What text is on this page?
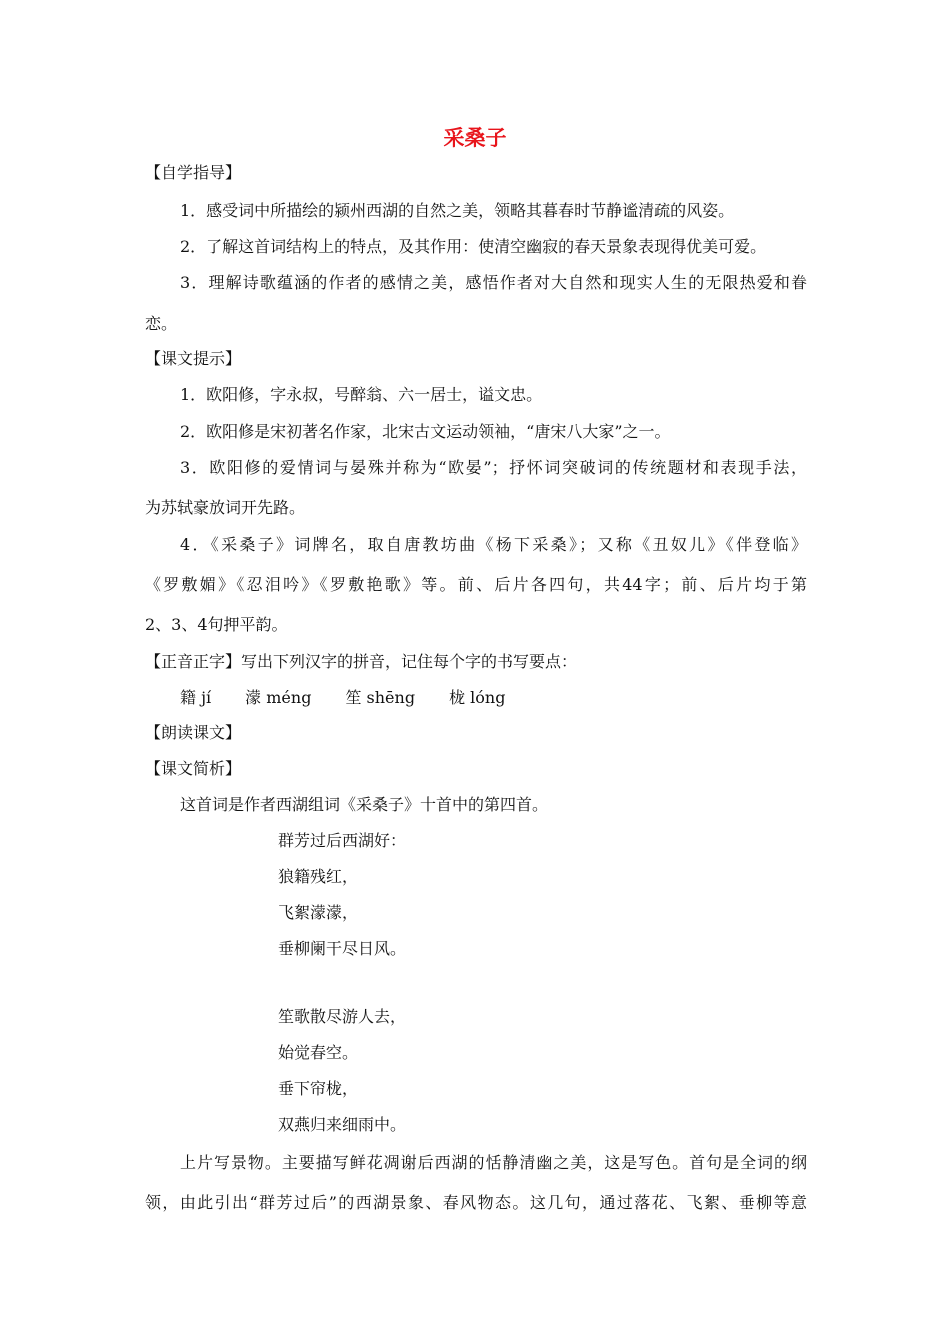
采桑子
【自学指导】
1．感受词中所描绘的颍州西湖的自然之美，领略其暮春时节静谧清疏的风姿。
2．了解这首词结构上的特点，及其作用：使清空幽寂的春天景象表现得优美可爱。
3．理解诗歌蕴涵的作者的感情之美，感悟作者对大自然和现实人生的无限热爱和眷
恋。
【课文提示】
1．欧阳修，字永叔，号醉翁、六一居士，谥文忠。
2．欧阳修是宋初著名作家，北宋古文运动领袖，“唐宋八大家”之一。
3．欧阳修的爱情词与晏殊并称为“欧晏”；抒怀词突破词的传统题材和表现手法，
为苏轼豪放词开先路。
4．《采桑子》词牌名，取自唐教坊曲《杨下采桑》；又称《丑奴儿》《伴登临》
《罗敷媚》《忍泪吟》《罗敷艳歌》等。前、后片各四句，共44字；前、后片均于第
2、3、4句押平韵。
【正音正字】写出下列汉字的拼音，记住每个字的书写要点：
籍 jí 濛 méng 笙 shēng 栊 lóng
【朗读课文】
【课文简析】
这首词是作者西湖组词《采桑子》十首中的第四首。
群芳过后西湖好：
狼籍残红，
飞絮濛濛，
垂柳阑干尽日风。
笙歌散尽游人去，
始觉春空。
垂下帘栊，
双燕归来细雨中。
上片写景物。主要描写鲜花凋谢后西湖的恬静清幽之美，这是写色。首句是全词的纲
领，由此引出“群芳过后”的西湖景象、春风物态。这几句，通过落花、飞絮、垂柳等意
